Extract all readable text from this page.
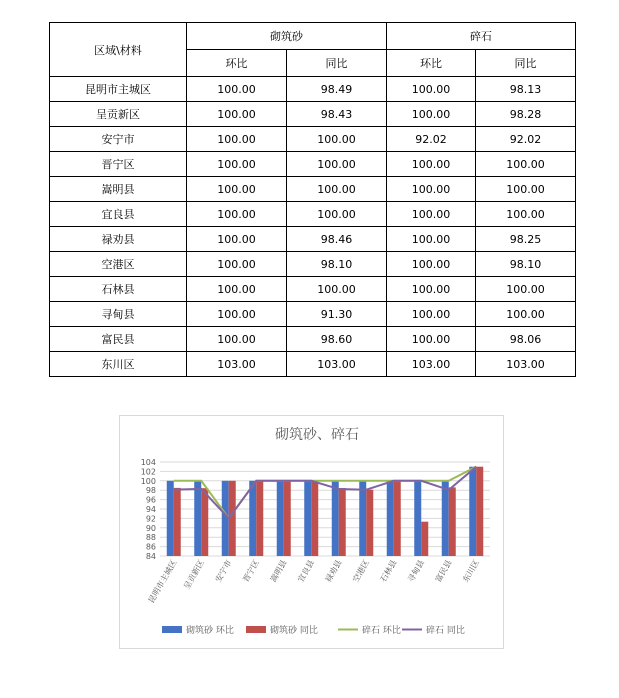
区域\材料	砌筑砂		碎石	
	环比	同比	环比	同比
昆明市主城区	100.00	98.49	100.00	98.13
呈贡新区	100.00	98.43	100.00	98.28
安宁市	100.00	100.00	92.02	92.02
晋宁区	100.00	100.00	100.00	100.00
嵩明县	100.00	100.00	100.00	100.00
宜良县	100.00	100.00	100.00	100.00
禄劝县	100.00	98.46	100.00	98.25
空港区	100.00	98.10	100.00	98.10
石林县	100.00	100.00	100.00	100.00
寻甸县	100.00	91.30	100.00	100.00
富民县	100.00	98.60	100.00	98.06
东川区	103.00	103.00	103.00	103.00
砌筑砂、碎石
84
86
88
90
92
94
96
98
100
102
104
昆明市主城区 呈贡新区 安宁市 晋宁区 嵩明县 宜良县 禄劝县 空港区 石林县 寻甸县 富民县 东川区
砌筑砂 环比	砌筑砂 同比	碎石 环比	碎石 同比
